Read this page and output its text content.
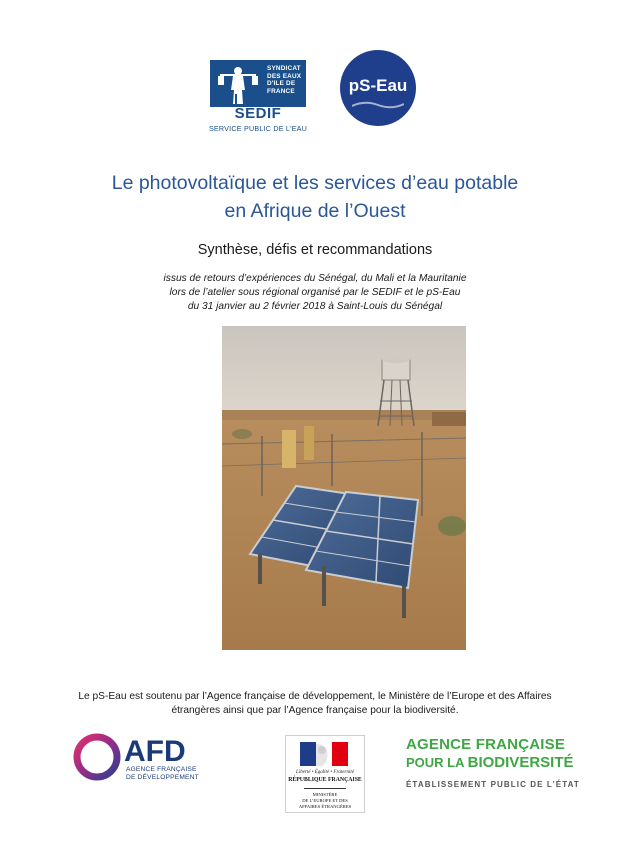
SYNDICAT
DES EAUX
D'ILE DE
FRANCE
SEDIF
SERVICE PUBLIC DE L'EAU
pS-Eau
Le photovoltaïque et les services d’eau potable
en Afrique de l’Ouest
Synthèse, défis et recommandations
issus de retours d’expériences du Sénégal, du Mali et la Mauritanie
lors de l’atelier sous régional organisé par le SEDIF et le pS-Eau
du 31 janvier au 2 février 2018 à Saint-Louis du Sénégal
Le pS-Eau est soutenu par l’Agence française de développement, le Ministère de l’Europe et des Affaires
étrangères ainsi que par l’Agence française pour la biodiversité.
AFD
AGENCE FRANÇAISE
DE DÉVELOPPEMENT
Liberté • Égalité • Fraternité
RÉPUBLIQUE FRANÇAISE
MINISTÈRE
DE L’EUROPE ET DES
AFFAIRES ÉTRANGÈRES
AGENCE FRANÇAISE
POUR LA BIODIVERSITÉ
ÉTABLISSEMENT PUBLIC DE L’ÉTAT
